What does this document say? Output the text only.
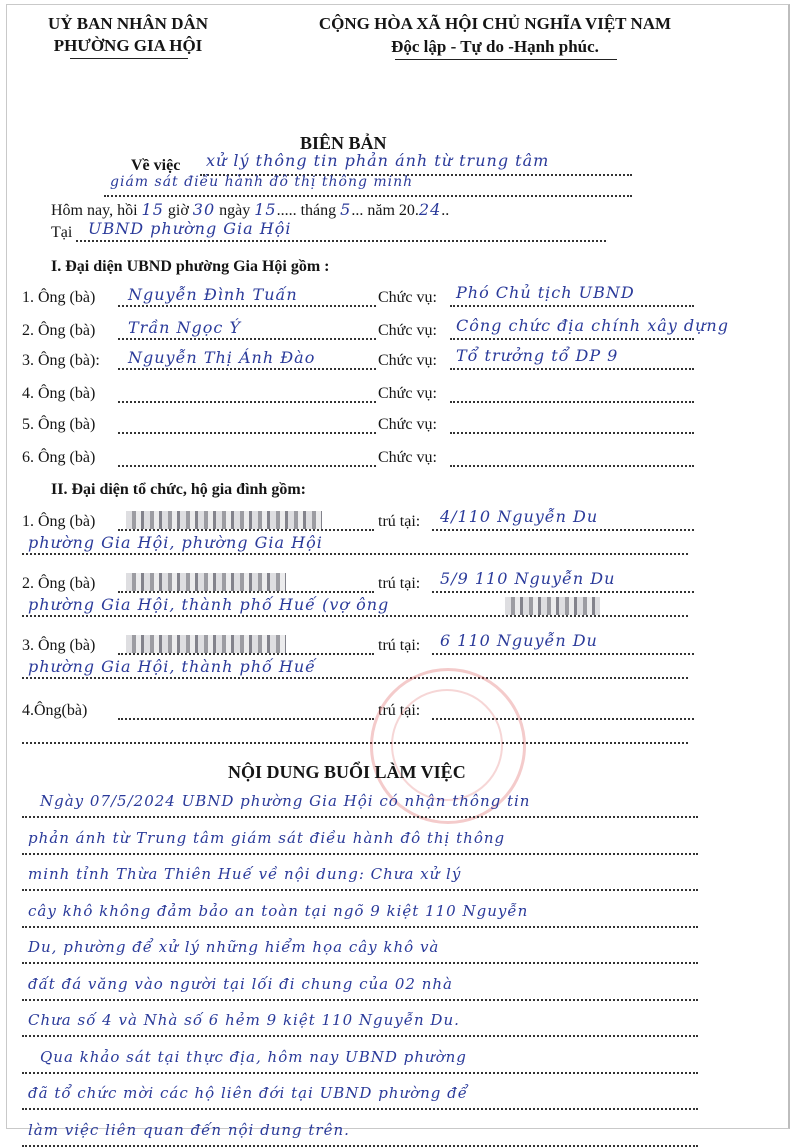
UỶ BAN NHÂN DÂN
PHƯỜNG GIA HỘI
CỘNG HÒA XÃ HỘI CHỦ NGHĨA VIỆT NAM
Độc lập - Tự do -Hạnh phúc.
BIÊN BẢN
Về việc xử lý thông tin phản ánh từ trung tâm
giám sát điều hành đô thị thông minh
Hôm nay, hồi 15 giờ 30 ngày 15..... tháng 5... năm 20.24..
Tại UBND phường Gia Hội
I. Đại diện UBND phường Gia Hội gồm :
1. Ông (bà) Nguyễn Đình Tuấn	Chức vụ: Phó Chủ tịch UBND
2. Ông (bà) Trần Ngọc Ý	Chức vụ: Công chức địa chính xây dựng
3. Ông (bà): Nguyễn Thị Ánh Đào	Chức vụ: Tổ trưởng tổ DP 9
4. Ông (bà)	Chức vụ:
5. Ông (bà)	Chức vụ:
6. Ông (bà)	Chức vụ:
II. Đại diện tổ chức, hộ gia đình gồm:
1. Ông (bà)	trú tại: 4/110 Nguyễn Du
phường Gia Hội, phường Gia Hội
2. Ông (bà)	trú tại: 5/9 110 Nguyễn Du
phường Gia Hội, thành phố Huế (vợ ông
3. Ông (bà)	trú tại: 6 110 Nguyễn Du
phường Gia Hội, thành phố Huế
4.Ông(bà)	trú tại:
NỘI DUNG BUỔI LÀM VIỆC
Ngày 07/5/2024 UBND phường Gia Hội có nhận thông tin
phản ánh từ Trung tâm giám sát điều hành đô thị thông
minh tỉnh Thừa Thiên Huế về nội dung: Chưa xử lý
cây khô không đảm bảo an toàn tại ngõ 9 kiệt 110 Nguyễn
Du, phường để xử lý những hiểm họa cây khô và
đất đá văng vào người tại lối đi chung của 02 nhà
Chưa số 4 và Nhà số 6 hẻm 9 kiệt 110 Nguyễn Du.
Qua khảo sát tại thực địa, hôm nay UBND phường
đã tổ chức mời các hộ liên đới tại UBND phường để
làm việc liên quan đến nội dung trên.
